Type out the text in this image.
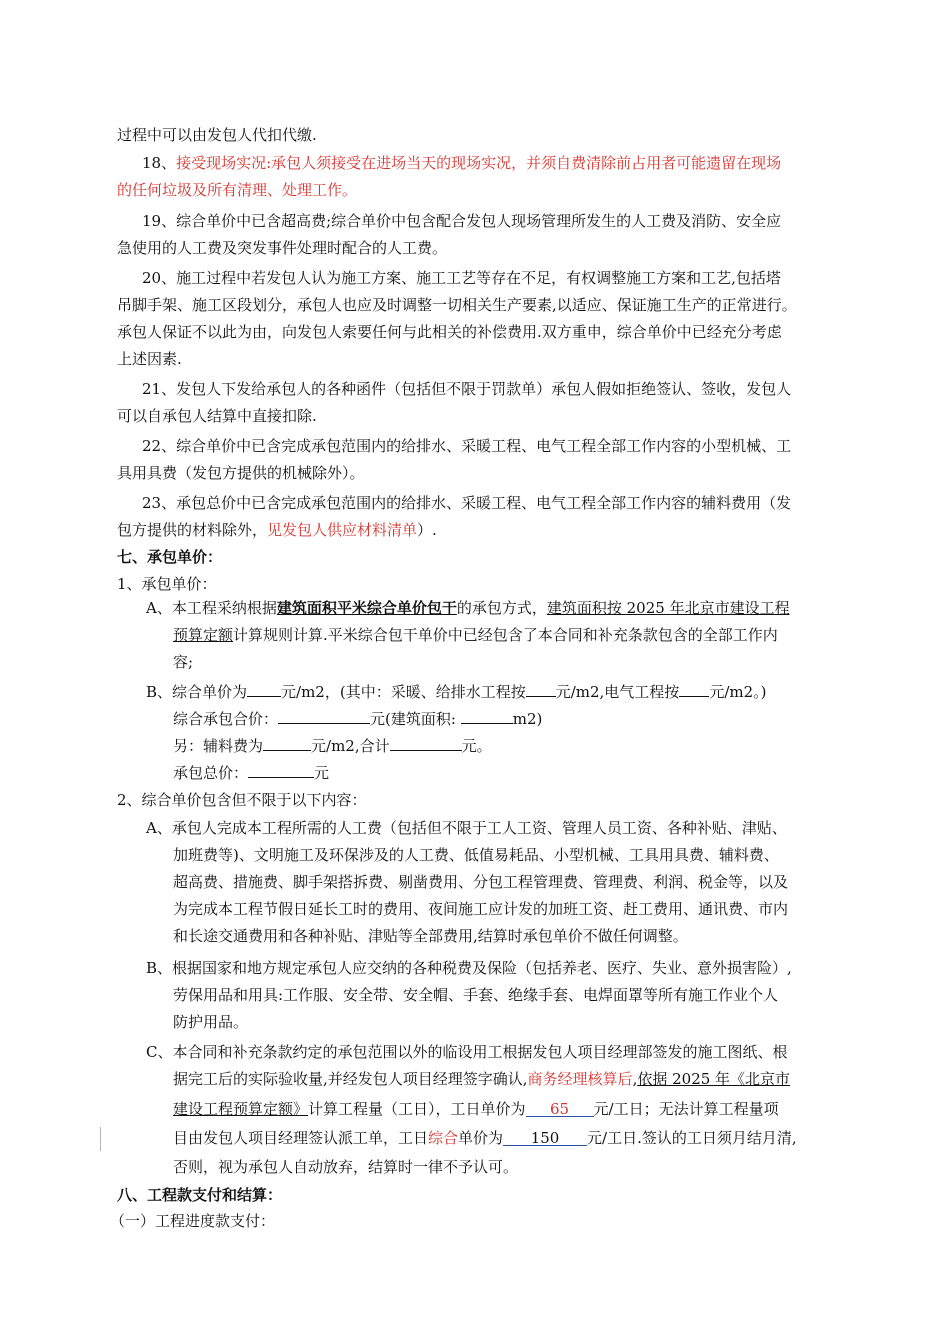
过程中可以由发包人代扣代缴.
18、接受现场实况:承包人须接受在进场当天的现场实况，并须自费清除前占用者可能遗留在现场
的任何垃圾及所有清理、处理工作。
19、综合单价中已含超高费;综合单价中包含配合发包人现场管理所发生的人工费及消防、安全应
急使用的人工费及突发事件处理时配合的人工费。
20、施工过程中若发包人认为施工方案、施工工艺等存在不足，有权调整施工方案和工艺,包括塔
吊脚手架、施工区段划分，承包人也应及时调整一切相关生产要素,以适应、保证施工生产的正常进行。
承包人保证不以此为由，向发包人索要任何与此相关的补偿费用.双方重申，综合单价中已经充分考虑
上述因素.
21、发包人下发给承包人的各种函件（包括但不限于罚款单）承包人假如拒绝签认、签收，发包人
可以自承包人结算中直接扣除.
22、综合单价中已含完成承包范围内的给排水、采暖工程、电气工程全部工作内容的小型机械、工
具用具费（发包方提供的机械除外）。
23、承包总价中已含完成承包范围内的给排水、采暖工程、电气工程全部工作内容的辅料费用（发
包方提供的材料除外，见发包人供应材料清单）.
七、承包单价：
1、承包单价：
A、本工程采纳根据建筑面积平米综合单价包干的承包方式，建筑面积按 2025 年北京市建设工程
预算定额计算规则计算.平米综合包干单价中已经包含了本合同和补充条款包含的全部工作内
容;
B、综合单价为 元/m2，(其中：采暖、给排水工程按 元/m2,电气工程按 元/m2。)
综合承包合价：	元(建筑面积:	m2)
另：辅料费为	元/m2,合计	元。
承包总价：	元
2、综合单价包含但不限于以下内容：
A、承包人完成本工程所需的人工费（包括但不限于工人工资、管理人员工资、各种补贴、津贴、
加班费等)、文明施工及环保涉及的人工费、低值易耗品、小型机械、工具用具费、辅料费、
超高费、措施费、脚手架搭拆费、剔凿费用、分包工程管理费、管理费、利润、税金等，以及
为完成本工程节假日延长工时的费用、夜间施工应计发的加班工资、赶工费用、通讯费、市内
和长途交通费用和各种补贴、津贴等全部费用,结算时承包单价不做任何调整。
B、根据国家和地方规定承包人应交纳的各种税费及保险（包括养老、医疗、失业、意外损害险）,
劳保用品和用具:工作服、安全带、安全帽、手套、绝缘手套、电焊面罩等所有施工作业个人
防护用品。
C、本合同和补充条款约定的承包范围以外的临设用工根据发包人项目经理部签发的施工图纸、根
据完工后的实际验收量,并经发包人项目经理签字确认,商务经理核算后,依据 2025 年《北京市
建设工程预算定额》计算工程量（工日），工日单价为 65 元/工日；无法计算工程量项
目由发包人项目经理签认派工单，工日综合单价为 150 元/工日.签认的工日须月结月清,
否则，视为承包人自动放弃，结算时一律不予认可。
八、工程款支付和结算：
（一）工程进度款支付：
